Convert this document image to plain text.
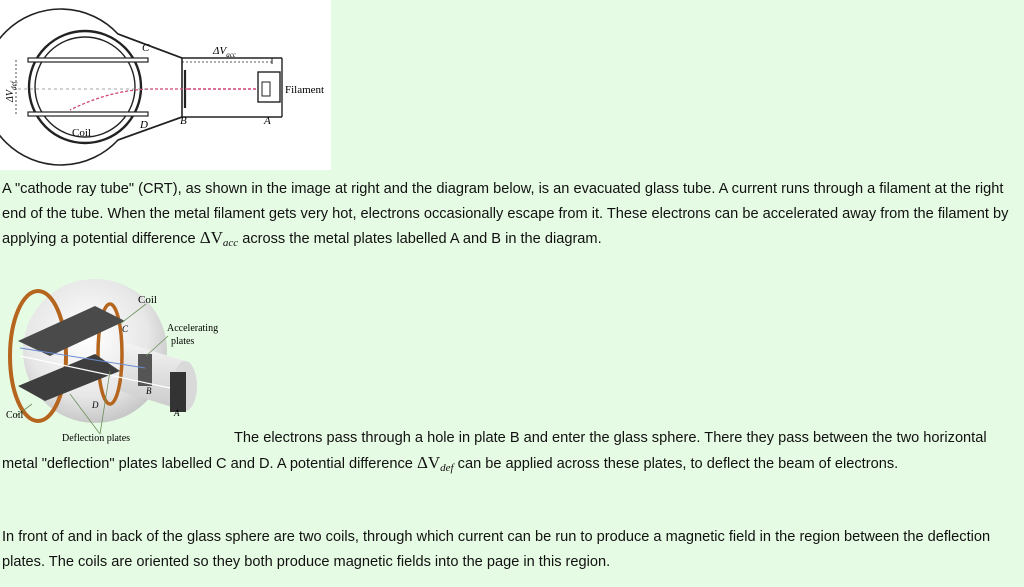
C
D	B	A
Coil
Filament
$\Delta V_{acc}$
$\Delta V_{def}$

A "cathode ray tube" (CRT), as shown in the image at right and the diagram below, is an evacuated glass tube. A current runs through a filament at the right end of the tube. When the metal filament gets very hot, electrons occasionally escape from it. These electrons can be accelerated away from the filament by applying a potential difference $\Delta V_{acc}$ across the metal plates labelled A and B in the diagram.

Coil
Accelerating
plates
Coil
Deflection plates
C
D
B
A

The electrons pass through a hole in plate B and enter the glass sphere. There they pass between the two horizontal metal "deflection" plates labelled C and D. A potential difference $\Delta V_{def}$ can be applied across these plates, to deflect the beam of electrons.

In front of and in back of the glass sphere are two coils, through which current can be run to produce a magnetic field in the region between the deflection plates. The coils are oriented so they both produce magnetic fields into the page in this region.
